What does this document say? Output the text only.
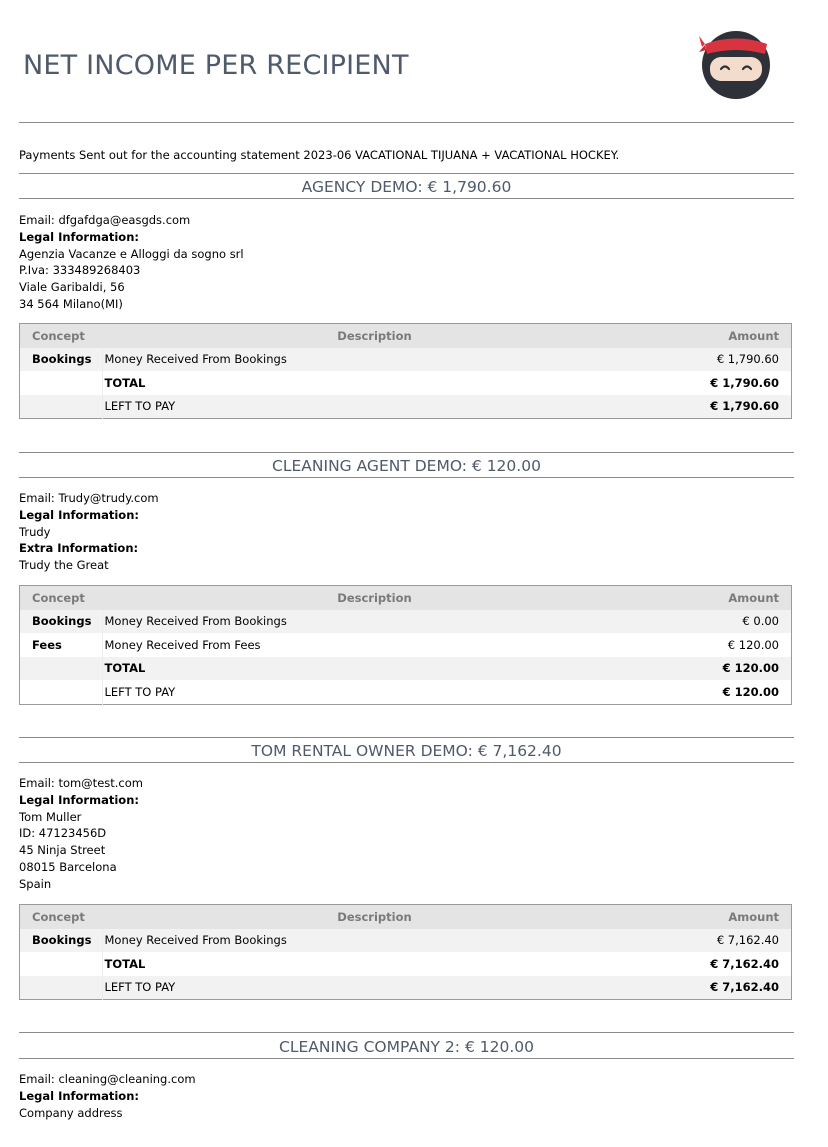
NET INCOME PER RECIPIENT
Payments Sent out for the accounting statement 2023-06 VACATIONAL TIJUANA + VACATIONAL HOCKEY.
AGENCY DEMO: € 1,790.60
Email: dfgafdga@easgds.com
Legal Information:
Agenzia Vacanze e Alloggi da sogno srl
P.Iva: 333489268403
Viale Garibaldi, 56
34 564 Milano(MI)
Concept	Description	Amount
Bookings	Money Received From Bookings	€ 1,790.60
	TOTAL	€ 1,790.60
	LEFT TO PAY	€ 1,790.60
CLEANING AGENT DEMO: € 120.00
Email: Trudy@trudy.com
Legal Information:
Trudy
Extra Information:
Trudy the Great
Concept	Description	Amount
Bookings	Money Received From Bookings	€ 0.00
Fees	Money Received From Fees	€ 120.00
	TOTAL	€ 120.00
	LEFT TO PAY	€ 120.00
TOM RENTAL OWNER DEMO: € 7,162.40
Email: tom@test.com
Legal Information:
Tom Muller
ID: 47123456D
45 Ninja Street
08015 Barcelona
Spain
Concept	Description	Amount
Bookings	Money Received From Bookings	€ 7,162.40
	TOTAL	€ 7,162.40
	LEFT TO PAY	€ 7,162.40
CLEANING COMPANY 2: € 120.00
Email: cleaning@cleaning.com
Legal Information:
Company address
